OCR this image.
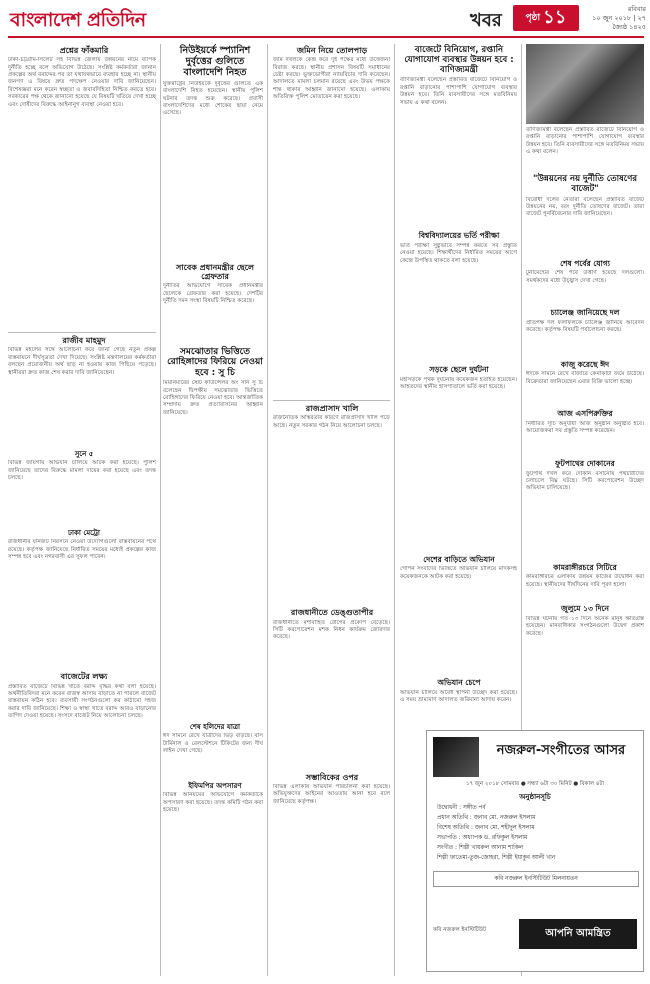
বাংলাদেশ প্রতিদিন	খবর	পৃষ্ঠা ১১	রবিবার
১০ জুন ২০১৮ | ২৭ জ্যৈষ্ঠ ১৪২৫
প্রশ্নের ফাঁকমারি
ঢাকা-চট্টগ্রাম-সিলেট সহ বিভিন্ন জেলায় উন্নয়নের নামে ব্যাপক দুর্নীতি হচ্ছে বলে অভিযোগ উঠেছে। সংশ্লিষ্ট কর্মকর্তারা জানান প্রকল্পের অর্থ বরাদ্দের পর তা যথাযথভাবে ব্যবহার হচ্ছে না। স্থানীয় জনগণ এ বিষয়ে দ্রুত পদক্ষেপ নেওয়ার দাবি জানিয়েছেন। বিশেষজ্ঞরা মনে করেন স্বচ্ছতা ও জবাবদিহিতা নিশ্চিত করতে হবে। সরকারের পক্ষ থেকে জানানো হয়েছে যে বিষয়টি খতিয়ে দেখা হচ্ছে এবং দোষীদের বিরুদ্ধে আইনানুগ ব্যবস্থা নেওয়া হবে।
রাজীব মাহমুদ
বিভিন্ন মহলের সঙ্গে আলোচনা করে জানা গেছে নতুন প্রকল্প বাস্তবায়নে দীর্ঘসূত্রতা দেখা দিয়েছে। সংশ্লিষ্ট মন্ত্রণালয়ের কর্মকর্তারা বলছেন প্রয়োজনীয় অর্থ ছাড় না হওয়ায় কাজ পিছিয়ে পড়েছে। স্থানীয়রা দ্রুত কাজ শেষ করার দাবি জানিয়েছেন।
সুনে ৫
বিভিন্ন জায়গায় অভিযান চালিয়ে আটক করা হয়েছে। পুলিশ জানিয়েছে তাদের বিরুদ্ধে মামলা দায়ের করা হয়েছে এবং তদন্ত চলছে।
ঢাকা মেট্রো
রাজধানীর যানজট নিরসনে নেওয়া উদ্যোগগুলো বাস্তবায়নের পথে রয়েছে। কর্তৃপক্ষ জানিয়েছে নির্ধারিত সময়ের মধ্যেই প্রকল্পের কাজ সম্পন্ন হবে এবং নগরবাসী এর সুফল পাবেন।
বাজেটের লক্ষ্য
প্রস্তাবিত বাজেটে বিভিন্ন খাতে বরাদ্দ বৃদ্ধির কথা বলা হয়েছে। অর্থনীতিবিদরা মনে করেন রাজস্ব আদায় বাড়াতে না পারলে বাজেট বাস্তবায়ন কঠিন হবে। ব্যবসায়ী সংগঠনগুলো কর কাঠামো সহজ করার দাবি জানিয়েছে। শিক্ষা ও স্বাস্থ্য খাতে বরাদ্দ আরও বাড়ানোর তাগিদ দেওয়া হয়েছে। সংসদে বাজেট নিয়ে আলোচনা চলছে।
নিউইয়র্কে স্প্যানিশ দুর্বৃত্তের গুলিতে বাংলাদেশি নিহত
যুক্তরাষ্ট্রের নিউইয়র্কে দুর্বৃত্তের গুলিতে এক বাংলাদেশি নিহত হয়েছেন। স্থানীয় পুলিশ ঘটনার তদন্ত শুরু করেছে। প্রবাসী বাংলাদেশিদের মধ্যে শোকের ছায়া নেমে এসেছে।
সাবেক প্রধানমন্ত্রীর ছেলে গ্রেফতার
দুর্নীতির অভিযোগে সাবেক প্রধানমন্ত্রীর ছেলেকে গ্রেফতার করা হয়েছে। দেশটির দুর্নীতি দমন সংস্থা বিষয়টি নিশ্চিত করেছে।
সমঝোতার ভিত্তিতে রোহিঙ্গাদের ফিরিয়ে নেওয়া হবে : সু চি
মিয়ানমারের স্টেট কাউন্সেলর অং সান সু চি বলেছেন দ্বিপক্ষীয় সমঝোতার ভিত্তিতে রোহিঙ্গাদের ফিরিয়ে নেওয়া হবে। আন্তর্জাতিক সম্প্রদায় দ্রুত প্রত্যাবাসনের আহ্বান জানিয়েছে।
শেষ হলিদের যাত্রা
ঈদ সামনে রেখে যাত্রীদের ভিড় বাড়ছে। বাস টার্মিনাল ও রেলস্টেশনে টিকিটের জন্য দীর্ঘ লাইন দেখা গেছে।
ইফিমপির অপসারণ
বিভিন্ন অনিয়মের অভিযোগে কর্মকর্তাকে অপসারণ করা হয়েছে। তদন্ত কমিটি গঠন করা হয়েছে।
জমিন নিয়ে তোলপাড়
জমি দখলকে কেন্দ্র করে দুই পক্ষের মধ্যে উত্তেজনা বিরাজ করছে। স্থানীয় প্রশাসন বিষয়টি সমাধানের চেষ্টা করছে। ভুক্তভোগীরা ন্যায়বিচার দাবি করেছেন। আদালতে মামলা চলমান রয়েছে এবং উভয় পক্ষকে শান্ত থাকার আহ্বান জানানো হয়েছে। এলাকায় অতিরিক্ত পুলিশ মোতায়েন করা হয়েছে।
রাজপ্রাসাদ খালি
রাজনৈতিক অস্থিরতার কারণে রাজপ্রাসাদ খালি পড়ে আছে। নতুন সরকার গঠন নিয়ে আলোচনা চলছে।
রাজধানীতে ডেঙ্গুতাপীর
রাজধানীতে মশাবাহিত রোগের প্রকোপ বেড়েছে। সিটি করপোরেশন মশক নিধন কার্যক্রম জোরদার করেছে।
সম্ভাবিকের ওপর
বিভিন্ন এলাকায় অভিযান পরিচালনা করা হয়েছে। অভিযুক্তদের আইনের আওতায় আনা হবে বলে জানিয়েছে কর্তৃপক্ষ।
বাজেটে বিনিয়োগ, রপ্তানি যোগাযোগ ব্যবস্থার উন্নয়ন হবে : বাণিজ্যমন্ত্রী
বাণিজ্যমন্ত্রী বলেছেন প্রস্তাবিত বাজেটে বিনিয়োগ ও রপ্তানি বাড়ানোর পাশাপাশি যোগাযোগ ব্যবস্থার উন্নয়ন হবে। তিনি ব্যবসায়ীদের সঙ্গে মতবিনিময় সভায় এ কথা বলেন।
বিশ্ববিদ্যালয়ের ভর্তি পরীক্ষা
ভর্তি পরীক্ষা সুষ্ঠুভাবে সম্পন্ন করতে সব প্রস্তুতি নেওয়া হয়েছে। শিক্ষার্থীদের নির্ধারিত সময়ের আগে কেন্দ্রে উপস্থিত থাকতে বলা হয়েছে।
সড়কে ছেলে দুর্ঘটনা
মহাসড়কে পৃথক দুর্ঘটনায় কয়েকজন হতাহত হয়েছেন। আহতদের স্থানীয় হাসপাতালে ভর্তি করা হয়েছে।
দেশের বাড়িতে অভিযান
গোপন সংবাদের ভিত্তিতে অভিযান চালিয়ে মাদকসহ কয়েকজনকে আটক করা হয়েছে।
অভিযান চেপে
অভিযান চালিয়ে অবৈধ স্থাপনা উচ্ছেদ করা হয়েছে। এ সময় ভ্রাম্যমাণ আদালত জরিমানা আদায় করেন।
বাণিজ্যমন্ত্রী বলেছেন প্রস্তাবিত বাজেটে বিনিয়োগ ও রপ্তানি বাড়ানোর পাশাপাশি যোগাযোগ ব্যবস্থার উন্নয়ন হবে। তিনি ব্যবসায়ীদের সঙ্গে মতবিনিময় সভায় এ কথা বলেন।
"উন্নয়নের নয় দুর্নীতি তোষণের বাজেট"
বিরোধী দলের নেতারা বলেছেন প্রস্তাবিত বাজেট উন্নয়নের নয়, বরং দুর্নীতি তোষণের বাজেট। তারা বাজেট পুনর্বিবেচনার দাবি জানিয়েছেন।
শেষ পর্বের যোগ্য
টুর্নামেন্টের শেষ পর্বে উত্তীর্ণ হয়েছে দলগুলো। সমর্থকদের মধ্যে উচ্ছ্বাস দেখা গেছে।
চ্যালেঞ্জ জানিয়েছে দল
প্রতিপক্ষ দল ফলাফলকে চ্যালেঞ্জ জানিয়ে আবেদন করেছে। কর্তৃপক্ষ বিষয়টি পর্যালোচনা করছে।
কাজু করেছে ঈদ
ঈদকে সামনে রেখে বাজারে কেনাকাটা জমে উঠেছে। বিক্রেতারা জানিয়েছেন এবার বিক্রি ভালো হচ্ছে।
আজ এসপিরুক্তির
নির্ধারিত সূচি অনুযায়ী আজ অনুষ্ঠান অনুষ্ঠিত হবে। আয়োজকরা সব প্রস্তুতি সম্পন্ন করেছেন।
ফুটপাথের দোকানের
ফুটপাথ দখল করে দোকান বসানোয় পথচারীদের চলাচলে বিঘ্ন ঘটছে। সিটি করপোরেশন উচ্ছেদ অভিযান চালিয়েছে।
কামরাঙ্গীরচরে সিটিরে
কামরাঙ্গীরচর এলাকায় উন্নয়ন কাজের উদ্বোধন করা হয়েছে। স্থানীয়দের দীর্ঘদিনের দাবি পূরণ হলো।
জুলুমে ১৩ দিনে
বিভিন্ন ঘটনায় গত ১৩ দিনে অনেক মানুষ ক্ষতিগ্রস্ত হয়েছেন। মানবাধিকার সংগঠনগুলো উদ্বেগ প্রকাশ করেছে।
নজরুল-সংগীতের আসর
১৭ জুন ২০১৮ সোমবার ● সন্ধ্যা ৬টা ৩০ মিনিট ● বিকাল ৪টা
অনুষ্ঠানসূচি
উদ্বোধনী : সঙ্গীত পর্ব
প্রধান অতিথি : জনাব মো. নজরুল ইসলাম
বিশেষ অতিথি : জনাব মো. শহীদুল ইসলাম
সভাপতি : অধ্যাপক ড. রফিকুল ইসলাম
সংগীত : শিল্পী খায়রুল আনাম শাকিল
শিল্পী ফাতেমা-তুজ-জোহরা, শিল্পী ইয়াকুব আলী খান
কবি নজরুল ইনস্টিটিউট মিলনায়তন
কবি নজরুল ইনস্টিটিউট	আপনি আমন্ত্রিত
